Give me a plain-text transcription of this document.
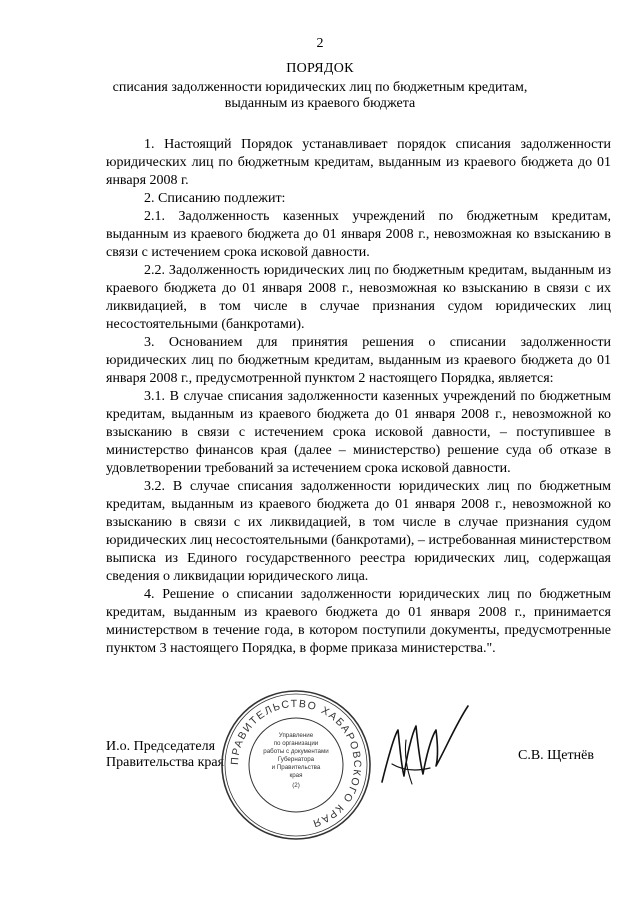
2
ПОРЯДОК
списания задолженности юридических лиц по бюджетным кредитам,
выданным из краевого бюджета

1. Настоящий Порядок устанавливает порядок списания задолженности юридических лиц по бюджетным кредитам, выданным из краевого бюджета до 01 января 2008 г.

2. Списанию подлежит:

2.1. Задолженность казенных учреждений по бюджетным кредитам, выданным из краевого бюджета до 01 января 2008 г., невозможная ко взысканию в связи с истечением срока исковой давности.

2.2. Задолженность юридических лиц по бюджетным кредитам, выданным из краевого бюджета до 01 января 2008 г., невозможная ко взысканию в связи с их ликвидацией, в том числе в случае признания судом юридических лиц несостоятельными (банкротами).

3. Основанием для принятия решения о списании задолженности юридических лиц по бюджетным кредитам, выданным из краевого бюджета до 01 января 2008 г., предусмотренной пунктом 2 настоящего Порядка, является:

3.1. В случае списания задолженности казенных учреждений по бюджетным кредитам, выданным из краевого бюджета до 01 января 2008 г., невозможной ко взысканию в связи с истечением срока исковой давности, – поступившее в министерство финансов края (далее – министерство) решение суда об отказе в удовлетворении требований за истечением срока исковой давности.

3.2. В случае списания задолженности юридических лиц по бюджетным кредитам, выданным из краевого бюджета до 01 января 2008 г., невозможной ко взысканию в связи с их ликвидацией, в том числе в случае признания судом юридических лиц несостоятельными (банкротами), – истребованная министерством выписка из Единого государственного реестра юридических лиц, содержащая сведения о ликвидации юридического лица.

4. Решение о списании задолженности юридических лиц по бюджетным кредитам, выданным из краевого бюджета до 01 января 2008 г., принимается министерством в течение года, в котором поступили документы, предусмотренные пунктом 3 настоящего Порядка, в форме приказа министерства.".

И.о. Председателя
Правительства края ПРАВИТЕЛЬСТВО ХАБАРОВСКОГО КРАЯ
Управление
по организации
работы с документами
Губернатора
и Правительства
края
(2)
С.В. Щетнёв
